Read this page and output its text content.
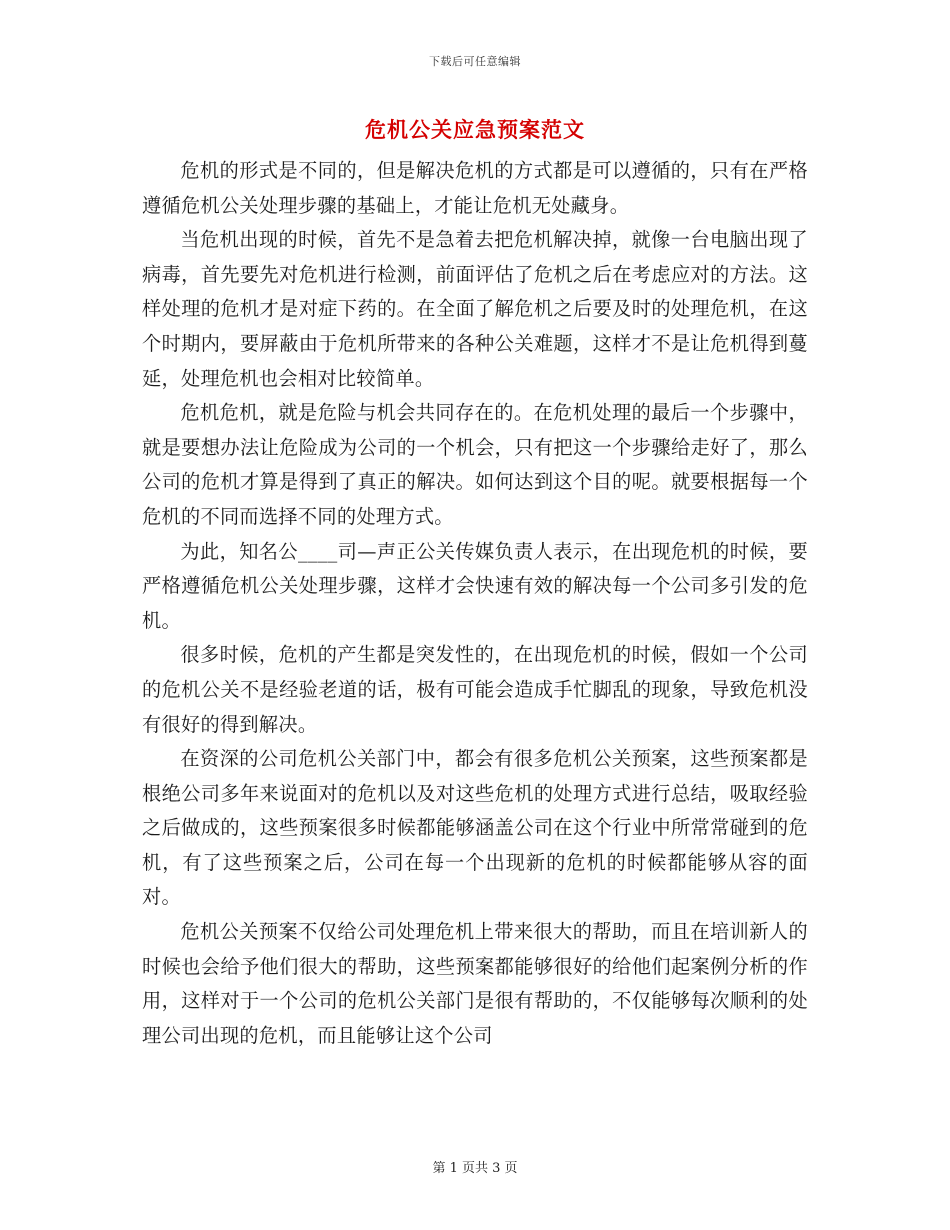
下载后可任意编辑
危机公关应急预案范文

危机的形式是不同的，但是解决危机的方式都是可以遵循的，只有在严格遵循危机公关处理步骤的基础上，才能让危机无处藏身。

当危机出现的时候，首先不是急着去把危机解决掉，就像一台电脑出现了病毒，首先要先对危机进行检测，前面评估了危机之后在考虑应对的方法。这样处理的危机才是对症下药的。在全面了解危机之后要及时的处理危机，在这个时期内，要屏蔽由于危机所带来的各种公关难题，这样才不是让危机得到蔓延，处理危机也会相对比较简单。

危机危机，就是危险与机会共同存在的。在危机处理的最后一个步骤中，就是要想办法让危险成为公司的一个机会，只有把这一个步骤给走好了，那么公司的危机才算是得到了真正的解决。如何达到这个目的呢。就要根据每一个危机的不同而选择不同的处理方式。

为此，知名公____司—声正公关传媒负责人表示，在出现危机的时候，要严格遵循危机公关处理步骤，这样才会快速有效的解决每一个公司多引发的危机。

很多时候，危机的产生都是突发性的，在出现危机的时候，假如一个公司的危机公关不是经验老道的话，极有可能会造成手忙脚乱的现象，导致危机没有很好的得到解决。

在资深的公司危机公关部门中，都会有很多危机公关预案，这些预案都是根绝公司多年来说面对的危机以及对这些危机的处理方式进行总结，吸取经验之后做成的，这些预案很多时候都能够涵盖公司在这个行业中所常常碰到的危机，有了这些预案之后，公司在每一个出现新的危机的时候都能够从容的面对。

危机公关预案不仅给公司处理危机上带来很大的帮助，而且在培训新人的时候也会给予他们很大的帮助，这些预案都能够很好的给他们起案例分析的作用，这样对于一个公司的危机公关部门是很有帮助的，不仅能够每次顺利的处理公司出现的危机，而且能够让这个公司

第 1 页共 3 页
